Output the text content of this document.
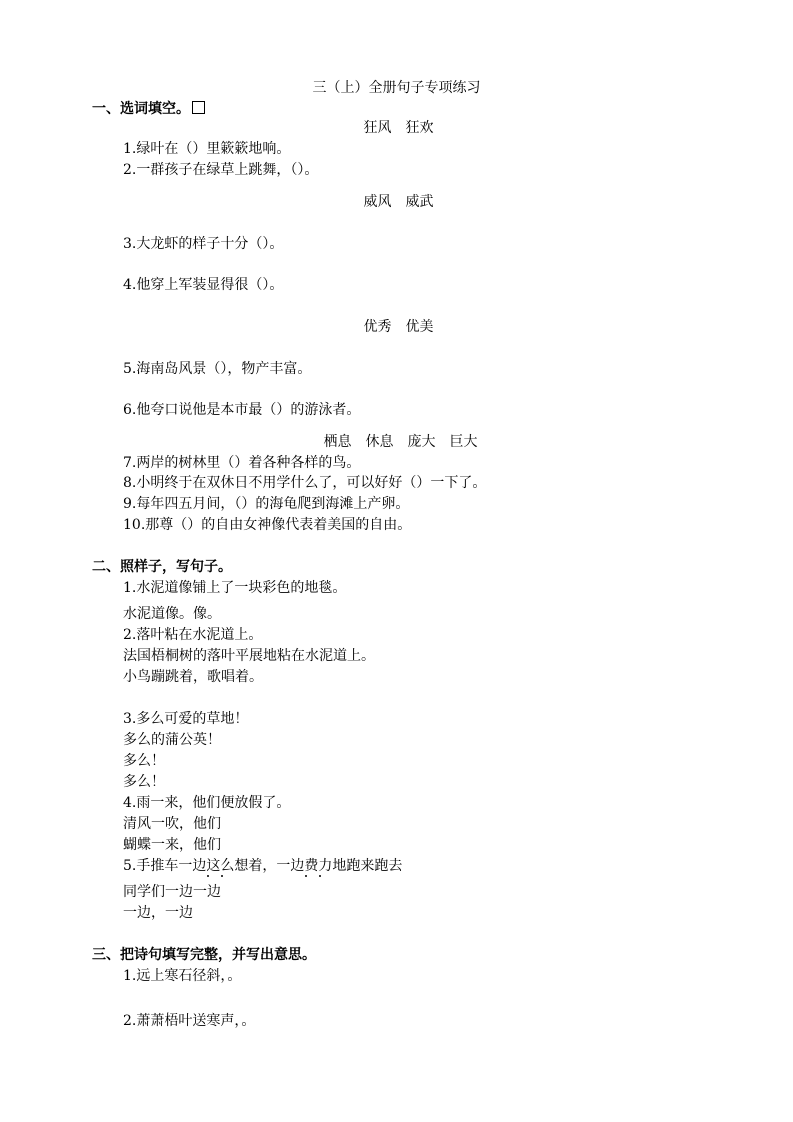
三（上）全册句子专项练习
一、选词填空。
狂风　狂欢
1.绿叶在（）里簌簌地响。
2.一群孩子在绿草上跳舞，（）。
威风　威武
3.大龙虾的样子十分（）。
4.他穿上军装显得很（）。
优秀　优美
5.海南岛风景（），物产丰富。
6.他夸口说他是本市最（）的游泳者。
栖息　休息　庞大　巨大
7.两岸的树林里（）着各种各样的鸟。
8.小明终于在双休日不用学什么了，可以好好（）一下了。
9.每年四五月间，（）的海龟爬到海滩上产卵。
10.那尊（）的自由女神像代表着美国的自由。
二、照样子，写句子。
1.水泥道像铺上了一块彩色的地毯。
水泥道像。像。
2.落叶粘在水泥道上。
法国梧桐树的落叶平展地粘在水泥道上。
小鸟蹦跳着，歌唱着。
3.多么可爱的草地！
多么的蒲公英！
多么！
多么！
4.雨一来，他们便放假了。
清风一吹，他们
蝴蝶一来，他们
5.手推车一边这么想着，一边费力地跑来跑去
同学们一边一边
一边，一边
三、把诗句填写完整，并写出意思。
1.远上寒石径斜，。
2.萧萧梧叶送寒声，。
